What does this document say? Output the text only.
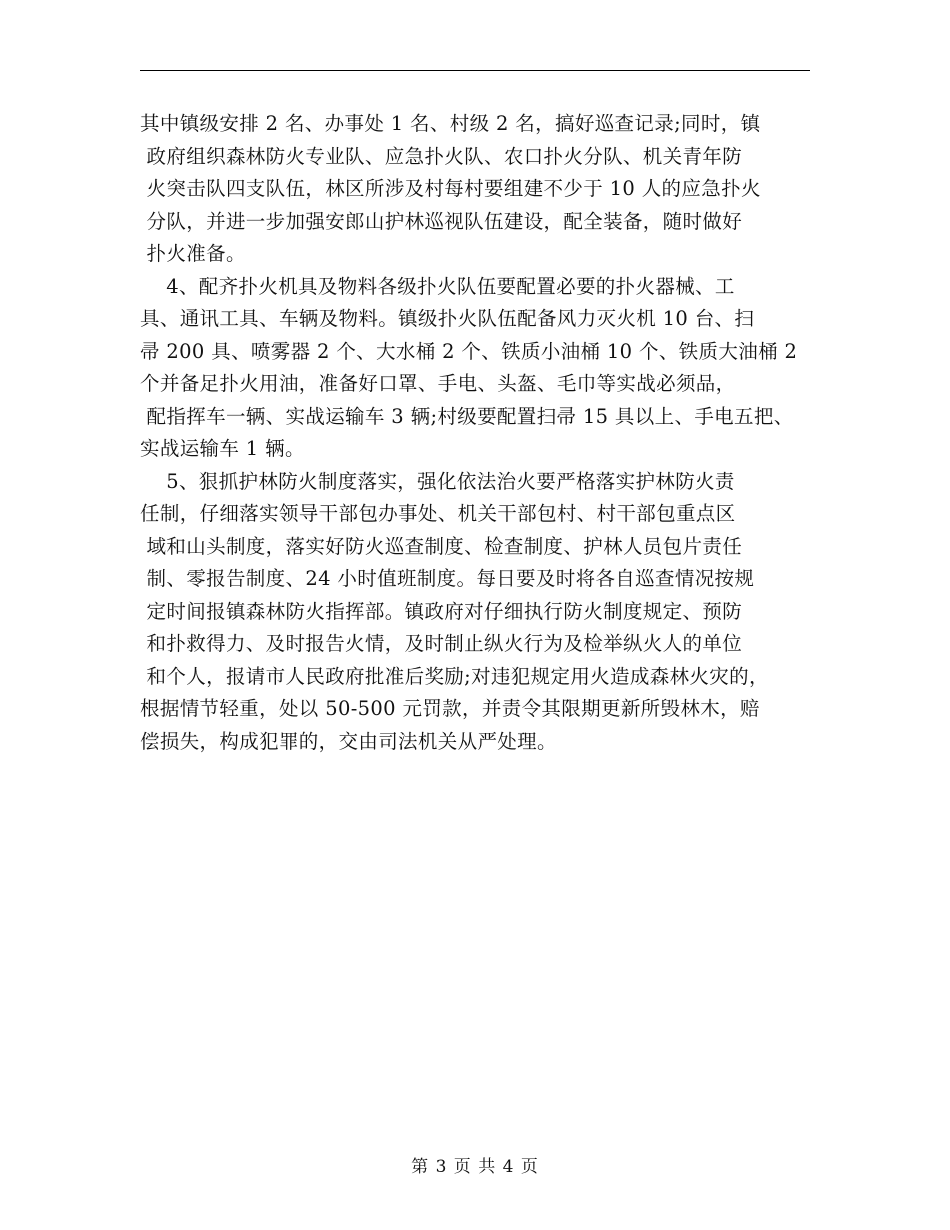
其中镇级安排 2 名、办事处 1 名、村级 2 名，搞好巡查记录;同时，镇
政府组织森林防火专业队、应急扑火队、农口扑火分队、机关青年防
火突击队四支队伍，林区所涉及村每村要组建不少于 10 人的应急扑火
分队，并进一步加强安郎山护林巡视队伍建设，配全装备，随时做好
扑火准备。
4、配齐扑火机具及物料各级扑火队伍要配置必要的扑火器械、工
具、通讯工具、车辆及物料。镇级扑火队伍配备风力灭火机 10 台、扫
帚 200 具、喷雾器 2 个、大水桶 2 个、铁质小油桶 10 个、铁质大油桶 2
个并备足扑火用油，准备好口罩、手电、头盔、毛巾等实战必须品，
配指挥车一辆、实战运输车 3 辆;村级要配置扫帚 15 具以上、手电五把、
实战运输车 1 辆。
5、狠抓护林防火制度落实，强化依法治火要严格落实护林防火责
任制，仔细落实领导干部包办事处、机关干部包村、村干部包重点区
域和山头制度，落实好防火巡查制度、检查制度、护林人员包片责任
制、零报告制度、24 小时值班制度。每日要及时将各自巡查情况按规
定时间报镇森林防火指挥部。镇政府对仔细执行防火制度规定、预防
和扑救得力、及时报告火情，及时制止纵火行为及检举纵火人的单位
和个人，报请市人民政府批准后奖励;对违犯规定用火造成森林火灾的，
根据情节轻重，处以 50-500 元罚款，并责令其限期更新所毁林木，赔
偿损失，构成犯罪的，交由司法机关从严处理。
第 3 页 共 4 页
